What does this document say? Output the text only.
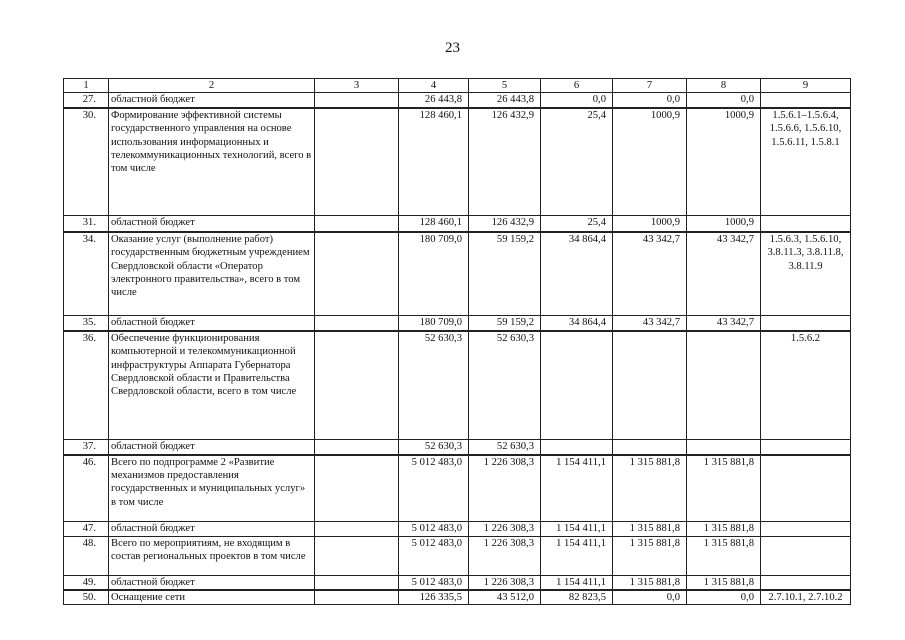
23
1	2	3	4	5	6	7	8	9
27.	областной бюджет		26 443,8	26 443,8	0,0	0,0	0,0	
30.	Формирование эффективной системы государственного управления на основе использования информационных и телекоммуникационных технологий, всего в том числе		128 460,1	126 432,9	25,4	1000,9	1000,9	1.5.6.1–1.5.6.4, 1.5.6.6, 1.5.6.10, 1.5.6.11, 1.5.8.1
31.	областной бюджет		128 460,1	126 432,9	25,4	1000,9	1000,9	
34.	Оказание услуг (выполнение работ) государственным бюджетным учреждением Свердловской области «Оператор электронного правительства», всего в том числе		180 709,0	59 159,2	34 864,4	43 342,7	43 342,7	1.5.6.3, 1.5.6.10, 3.8.11.3, 3.8.11.8, 3.8.11.9
35.	областной бюджет		180 709,0	59 159,2	34 864,4	43 342,7	43 342,7	
36.	Обеспечение функционирования компьютерной и телекоммуникационной инфраструктуры Аппарата Губернатора Свердловской области и Правительства Свердловской области, всего в том числе		52 630,3	52 630,3				1.5.6.2
37.	областной бюджет		52 630,3	52 630,3				
46.	Всего по подпрограмме 2 «Развитие механизмов предоставления государственных и муниципальных услуг» в том числе		5 012 483,0	1 226 308,3	1 154 411,1	1 315 881,8	1 315 881,8	
47.	областной бюджет		5 012 483,0	1 226 308,3	1 154 411,1	1 315 881,8	1 315 881,8	
48.	Всего по мероприятиям, не входящим в состав региональных проектов в том числе		5 012 483,0	1 226 308,3	1 154 411,1	1 315 881,8	1 315 881,8	
49.	областной бюджет		5 012 483,0	1 226 308,3	1 154 411,1	1 315 881,8	1 315 881,8	
50.	Оснащение сети		126 335,5	43 512,0	82 823,5	0,0	0,0	2.7.10.1, 2.7.10.2
